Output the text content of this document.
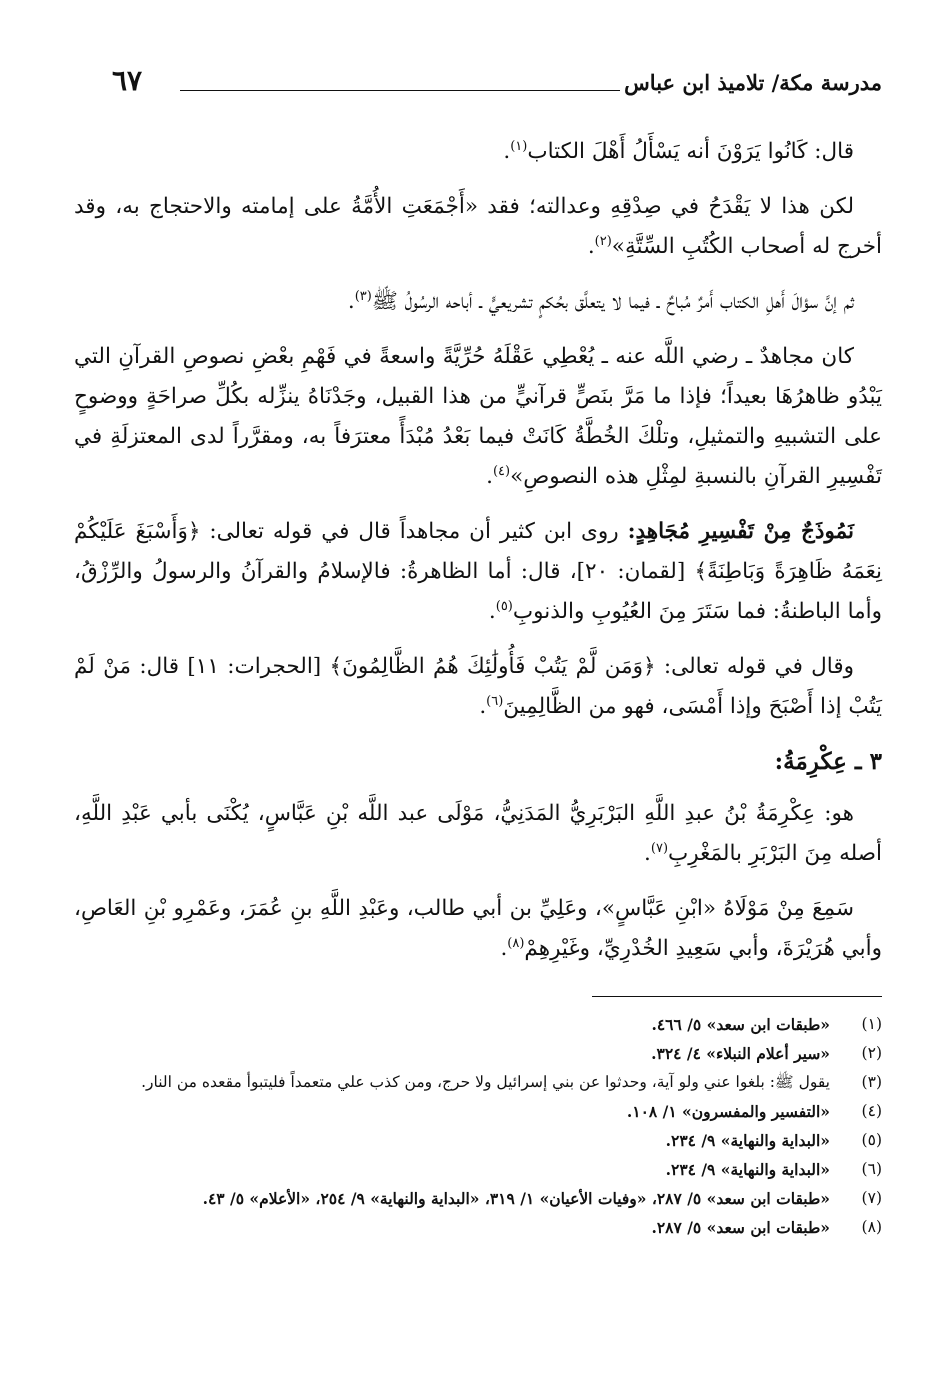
مدرسة مكة/ تلاميذ ابن عباس
٦٧

قال: كَانُوا يَرَوْنَ أنه يَسْأَلُ أَهْلَ الكتاب$^{(١)}$.

لكن هذا لا يَقْدَحُ في صِدْقِهِ وعدالته؛ فقد «أَجْمَعَتِ الأُمَّةُ على إمامته والاحتجاج به، وقد أخرج له أصحاب الكُتُبِ السِّتَّةِ»$^{(٢)}$.

ثم إنَّ سؤالَ أَهلِ الكتاب أَمرٌ مُباحٌ ـ فيما لا يتعلَّق بحُكمٍ تشريعيٍّ ـ أباحه الرسُولُ ﷺ$^{(٣)}$.

كان مجاهدٌ ـ رضي اللَّه عنه ـ يُعْطِي عَقْلَهُ حُرِّيَّةً واسعةً في فَهْمِ بعْضِ نصوصِ القرآنِ التي يَبْدُو ظاهرُهَا بعيداً؛ فإذا ما مَرَّ بنَصٍّ قرآنيٍّ من هذا القبيل، وجَدْنَاهُ ينزِّله بكُلِّ صراحَةٍ ووضوحٍ على التشبيهِ والتمثيلِ، وتلْكَ الخُطَّةُ كَانَتْ فيما بَعْدُ مُبْدَأً معترَفاً به، ومقرَّراً لدى المعتزلَةِ في تَفْسِيرِ القرآنِ بالنسبةِ لمِثْلِ هذه النصوصِ»$^{(٤)}$.

نَمُوذَجٌ مِنْ تَفْسِيرِ مُجَاهِدٍ: روى ابن كثير أن مجاهداً قال في قوله تعالى: ﴿وَأَسْبَغَ عَلَيْكُمْ نِعَمَهُ ظَاهِرَةً وَبَاطِنَةً﴾ [لقمان: ٢٠]، قال: أما الظاهرةُ: فالإسلامُ والقرآنُ والرسولُ والرِّزْقُ، وأما الباطنةُ: فما سَتَرَ مِنَ العُيُوبِ والذنوبِ$^{(٥)}$.

وقال في قوله تعالى: ﴿وَمَن لَّمْ يَتُبْ فَأُولَٰئِكَ هُمُ الظَّالِمُونَ﴾ [الحجرات: ١١] قال: مَنْ لَمْ يَتُبْ إذا أَصْبَحَ وإذا أَمْسَى، فهو من الظَّالِمِينَ$^{(٦)}$.

٣ ـ عِكْرِمَةُ:

هو: عِكْرِمَةُ بْنُ عبدِ اللَّهِ البَرْبَرِيُّ المَدَنِيُّ، مَوْلَى عبد اللَّه بْنِ عَبَّاسٍ، يُكْنَى بأبي عَبْدِ اللَّهِ، أصله مِنَ البَرْبَرِ بالمَغْرِبِ$^{(٧)}$.

سَمِعَ مِنْ مَوْلَاهُ «ابْنِ عَبَّاسٍ»، وعَلِيِّ بن أبي طالب، وعَبْدِ اللَّهِ بنِ عُمَرَ، وعَمْرِو بْنِ العَاصِ، وأبي هُرَيْرَةَ، وأبي سَعِيدِ الخُدْرِيِّ، وغَيْرِهِمْ$^{(٨)}$.

(١)
«طبقات ابن سعد» ٥/ ٤٦٦.
(٢)
«سير أعلام النبلاء» ٤/ ٣٢٤.
(٣)
يقول ﷺ: بلغوا عني ولو آية، وحدثوا عن بني إسرائيل ولا حرج، ومن كذب علي متعمداً فليتبوأ مقعده من النار.
(٤)
«التفسير والمفسرون» ١/ ١٠٨.
(٥)
«البداية والنهاية» ٩/ ٢٣٤.
(٦)
«البداية والنهاية» ٩/ ٢٣٤.
(٧)
«طبقات ابن سعد» ٥/ ٢٨٧، «وفيات الأعيان» ١/ ٣١٩، «البداية والنهاية» ٩/ ٢٥٤، «الأعلام» ٥/ ٤٣.
(٨)
«طبقات ابن سعد» ٥/ ٢٨٧.
